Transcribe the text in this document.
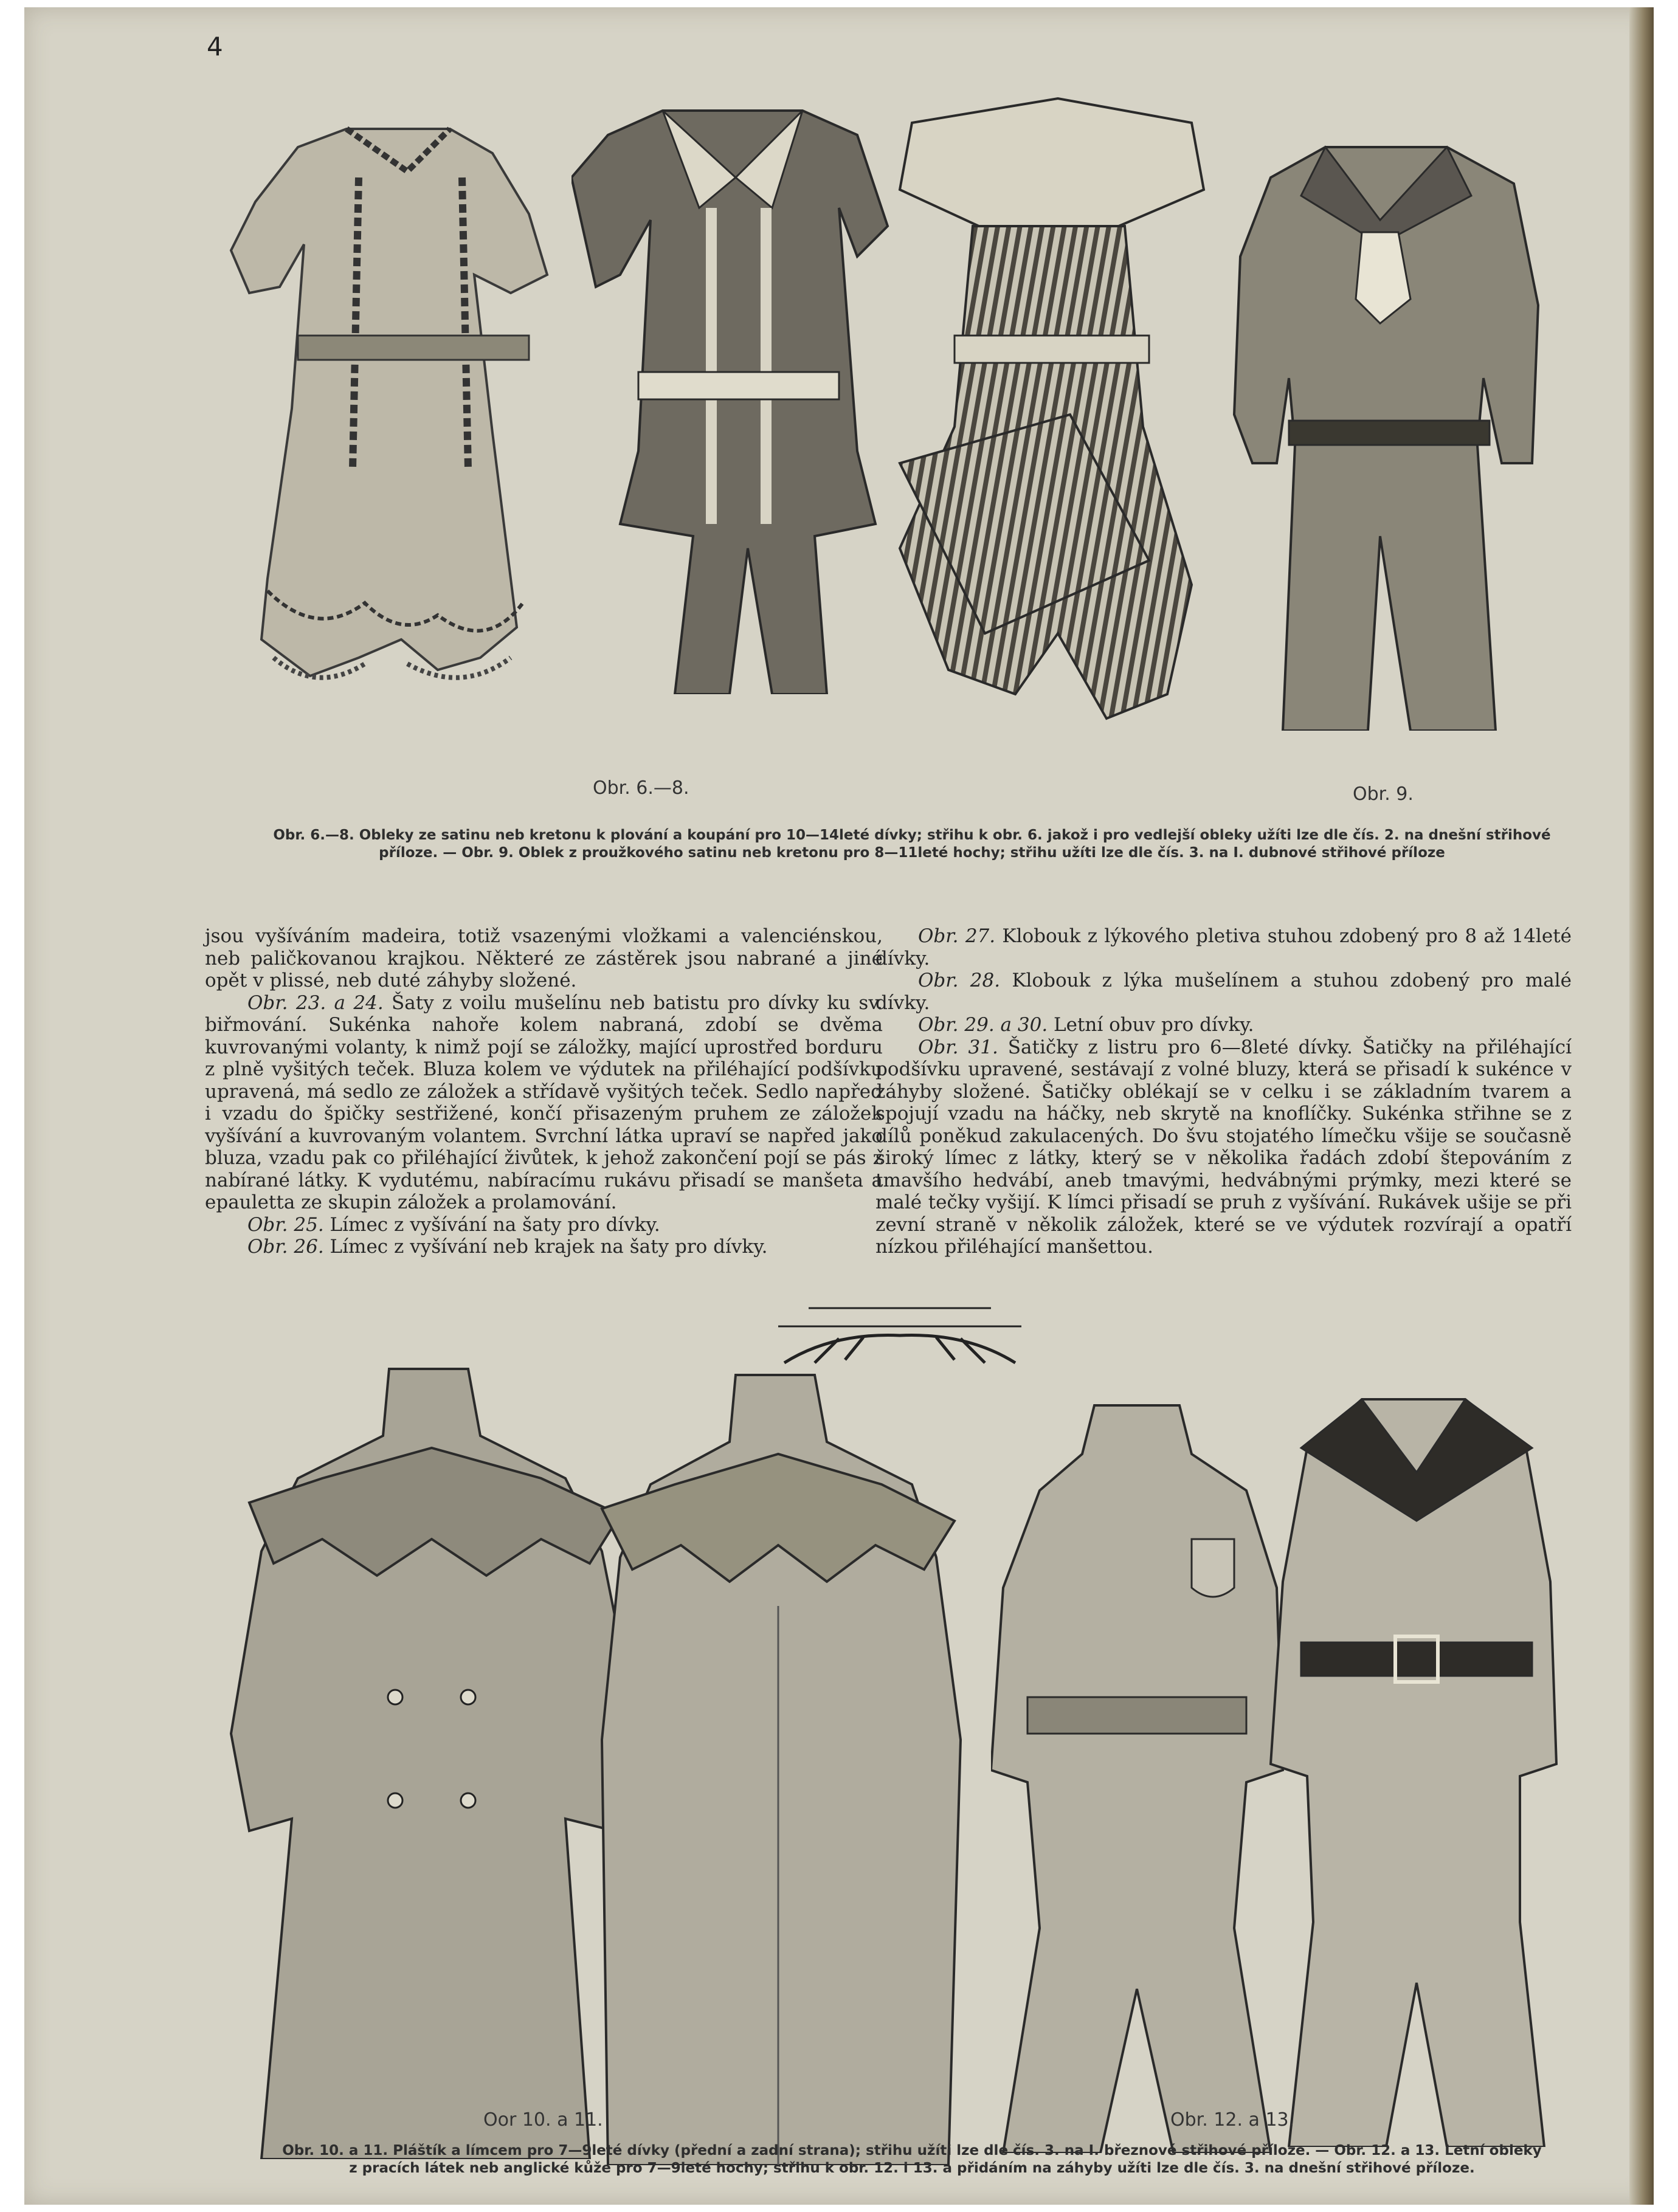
4
Obr. 6.—8.	Obr. 9.
Obr. 6.—8. Obleky ze satinu neb kretonu k plování a koupání pro 10—14leté dívky; střihu k obr. 6. jakož i pro vedlejší obleky užíti lze dle čís. 2. na dnešní střihové
příloze. — Obr. 9. Oblek z proužkového satinu neb kretonu pro 8—11leté hochy; střihu užíti lze dle čís. 3. na I. dubnové střihové příloze

jsou vyšíváním madeira, totiž vsazenými vložkami a valenciénskou, neb paličkovanou krajkou. Některé ze zástěrek jsou nabrané a jiné opět v plissé, neb duté záhyby složené.

Obr. 23. a 24. Šaty z voilu mušelínu neb batistu pro dívky ku sv. biřmování. Sukénka nahoře kolem nabraná, zdobí se dvěma kuvrovanými volanty, k nimž pojí se záložky, mající uprostřed borduru z plně vyšitých teček. Bluza kolem ve výdutek na přiléhající podšívku upravená, má sedlo ze záložek a střídavě vyšitých teček. Sedlo napřed i vzadu do špičky sestřižené, končí přisazeným pruhem ze záložek vyšívání a kuvrovaným volantem. Svrchní látka upraví se napřed jako bluza, vzadu pak co přiléhající živůtek, k jehož zakončení pojí se pás z nabírané látky. K vydutému, nabíracímu rukávu přisadí se manšeta a epauletta ze skupin záložek a prolamování.

Obr. 25. Límec z vyšívání na šaty pro dívky.

Obr. 26. Límec z vyšívání neb krajek na šaty pro dívky.

Obr. 27. Klobouk z lýkového pletiva stuhou zdobený pro 8 až 14leté dívky.

Obr. 28. Klobouk z lýka mušelínem a stuhou zdobený pro malé dívky.

Obr. 29. a 30. Letní obuv pro dívky.

Obr. 31. Šatičky z listru pro 6—8leté dívky. Šatičky na přiléhající podšívku upravené, sestávají z volné bluzy, která se přisadí k sukénce v záhyby složené. Šatičky oblékají se v celku i se základním tvarem a spojují vzadu na háčky, neb skrytě na knoflíčky. Sukénka střihne se z dílů poněkud zakulacených. Do švu stojatého límečku všije se současně široký límec z látky, který se v několika řadách zdobí štepováním z tmavšího hedvábí, aneb tmavými, hedvábnými prýmky, mezi které se malé tečky vyšijí. K límci přisadí se pruh z vyšívání. Rukávek ušije se při zevní straně v několik záložek, které se ve výdutek rozvírají a opatří nízkou přiléhající manšettou.

Oor 10. a 11.	Obr. 12. a 13.
Obr. 10. a 11. Pláštík a límcem pro 7—9leté dívky (přední a zadní strana); střihu užíti lze dle čís. 3. na I. březnové střihové příloze. — Obr. 12. a 13. Letní obleky
z pracích látek neb anglické kůže pro 7—9leté hochy; střihu k obr. 12. i 13. a přidáním na záhyby užíti lze dle čís. 3. na dnešní střihové příloze.
